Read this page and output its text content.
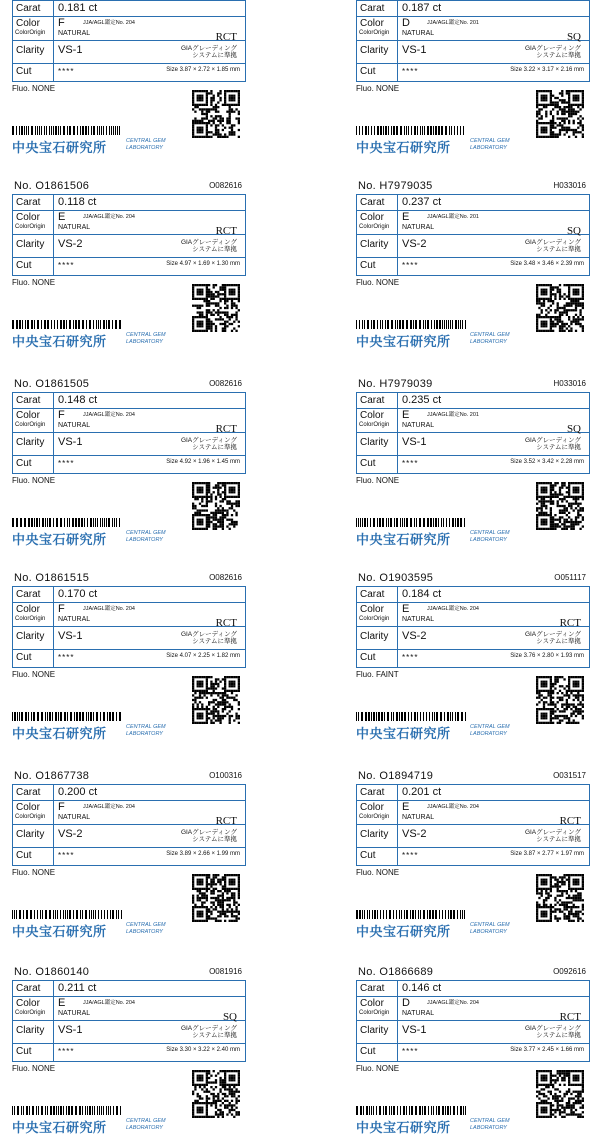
Carat	0.181 ct
Color	F
ColorOrigin
JJA/AGL鑑定No. 204
NATURAL
Clarity	VS-1
RCT
GIAグレーディング
システムに準拠
Cut	****	Size 3.87 × 2.72 × 1.85 mm
Fluo. NONE
中央宝石研究所	CENTRAL GEM
LABORATORY
Carat	0.187 ct
Color	D
ColorOrigin
JJA/AGL鑑定No. 201
NATURAL
Clarity	VS-1
SQ
GIAグレーディング
システムに準拠
Cut	****	Size 3.22 × 3.17 × 2.16 mm
Fluo. NONE
中央宝石研究所	CENTRAL GEM
LABORATORY
No. O1861506	O082616
Carat	0.118 ct
Color	E
ColorOrigin
JJA/AGL鑑定No. 204
NATURAL
Clarity	VS-2
RCT
GIAグレーディング
システムに準拠
Cut	****	Size 4.97 × 1.69 × 1.30 mm
Fluo. NONE
中央宝石研究所	CENTRAL GEM
LABORATORY
No. H7979035	H033016
Carat	0.237 ct
Color	E
ColorOrigin
JJA/AGL鑑定No. 201
NATURAL
Clarity	VS-2
SQ
GIAグレーディング
システムに準拠
Cut	****	Size 3.48 × 3.46 × 2.39 mm
Fluo. NONE
中央宝石研究所	CENTRAL GEM
LABORATORY
No. O1861505	O082616
Carat	0.148 ct
Color	F
ColorOrigin
JJA/AGL鑑定No. 204
NATURAL
Clarity	VS-1
RCT
GIAグレーディング
システムに準拠
Cut	****	Size 4.92 × 1.96 × 1.45 mm
Fluo. NONE
中央宝石研究所	CENTRAL GEM
LABORATORY
No. H7979039	H033016
Carat	0.235 ct
Color	E
ColorOrigin
JJA/AGL鑑定No. 201
NATURAL
Clarity	VS-1
SQ
GIAグレーディング
システムに準拠
Cut	****	Size 3.52 × 3.42 × 2.28 mm
Fluo. NONE
中央宝石研究所	CENTRAL GEM
LABORATORY
No. O1861515	O082616
Carat	0.170 ct
Color	F
ColorOrigin
JJA/AGL鑑定No. 204
NATURAL
Clarity	VS-1
RCT
GIAグレーディング
システムに準拠
Cut	****	Size 4.07 × 2.25 × 1.82 mm
Fluo. NONE
中央宝石研究所	CENTRAL GEM
LABORATORY
No. O1903595	O051117
Carat	0.184 ct
Color	E
ColorOrigin
JJA/AGL鑑定No. 204
NATURAL
Clarity	VS-2
RCT
GIAグレーディング
システムに準拠
Cut	****	Size 3.76 × 2.80 × 1.93 mm
Fluo. FAINT
中央宝石研究所	CENTRAL GEM
LABORATORY
No. O1867738	O100316
Carat	0.200 ct
Color	F
ColorOrigin
JJA/AGL鑑定No. 204
NATURAL
Clarity	VS-2
RCT
GIAグレーディング
システムに準拠
Cut	****	Size 3.89 × 2.66 × 1.99 mm
Fluo. NONE
中央宝石研究所	CENTRAL GEM
LABORATORY
No. O1894719	O031517
Carat	0.201 ct
Color	E
ColorOrigin
JJA/AGL鑑定No. 204
NATURAL
Clarity	VS-2
RCT
GIAグレーディング
システムに準拠
Cut	****	Size 3.87 × 2.77 × 1.97 mm
Fluo. NONE
中央宝石研究所	CENTRAL GEM
LABORATORY
No. O1860140	O081916
Carat	0.211 ct
Color	E
ColorOrigin
JJA/AGL鑑定No. 204
NATURAL
Clarity	VS-1
SQ
GIAグレーディング
システムに準拠
Cut	****	Size 3.30 × 3.22 × 2.40 mm
Fluo. NONE
中央宝石研究所	CENTRAL GEM
LABORATORY
No. O1866689	O092616
Carat	0.146 ct
Color	D
ColorOrigin
JJA/AGL鑑定No. 204
NATURAL
Clarity	VS-1
RCT
GIAグレーディング
システムに準拠
Cut	****	Size 3.77 × 2.45 × 1.66 mm
Fluo. NONE
中央宝石研究所	CENTRAL GEM
LABORATORY
